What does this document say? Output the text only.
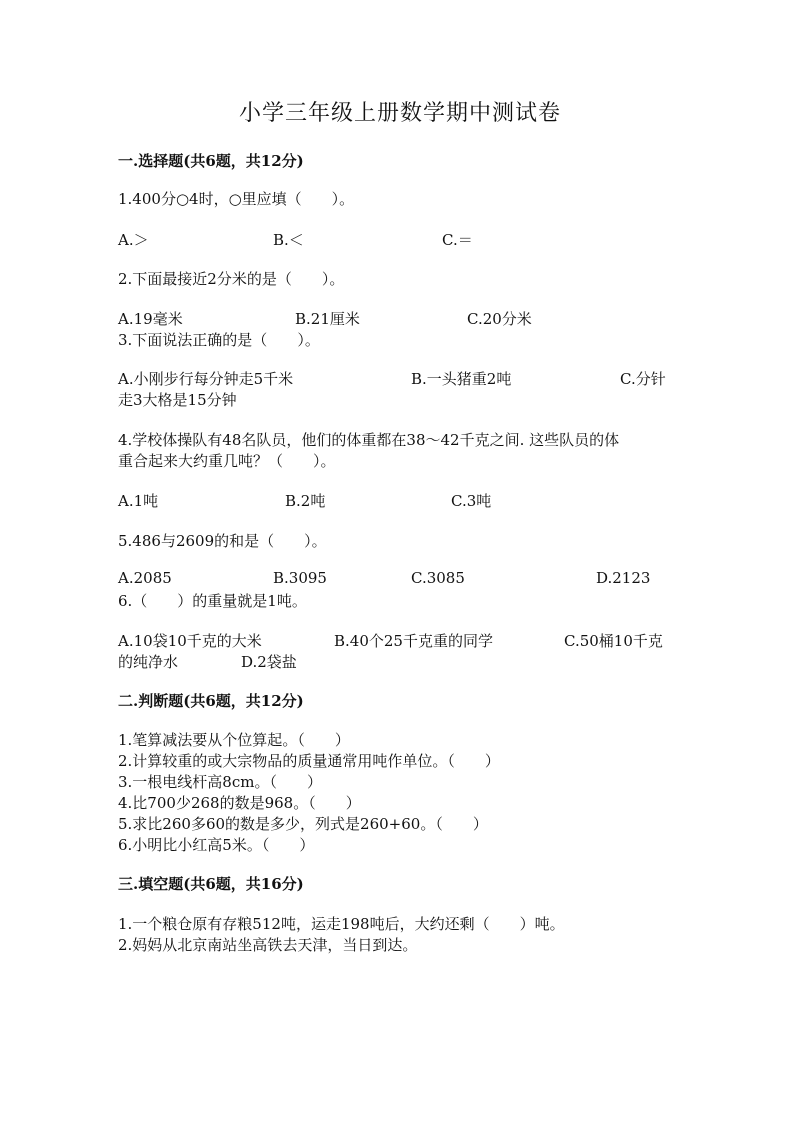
小学三年级上册数学期中测试卷
一.选择题(共6题，共12分)
1.400分○4时，○里应填（　　）。
A.＞	B.＜	C.＝
2.下面最接近2分米的是（　　）。
A.19毫米	B.21厘米	C.20分米
3.下面说法正确的是（　　）。
A.小刚步行每分钟走5千米	B.一头猪重2吨	C.分针
走3大格是15分钟
4.学校体操队有48名队员，他们的体重都在38～42千克之间. 这些队员的体
重合起来大约重几吨？（　　）。
A.1吨	B.2吨	C.3吨
5.486与2609的和是（　　）。
A.2085	B.3095	C.3085	D.2123
6.（　　）的重量就是1吨。
A.10袋10千克的大米	B.40个25千克重的同学	C.50桶10千克
的纯净水	D.2袋盐
二.判断题(共6题，共12分)
1.笔算减法要从个位算起。（　　）
2.计算较重的或大宗物品的质量通常用吨作单位。（　　）
3.一根电线杆高8cm。（　　）
4.比700少268的数是968。（　　）
5.求比260多60的数是多少，列式是260+60。（　　）
6.小明比小红高5米。（　　）
三.填空题(共6题，共16分)
1.一个粮仓原有存粮512吨，运走198吨后，大约还剩（　　）吨。
2.妈妈从北京南站坐高铁去天津，当日到达。
